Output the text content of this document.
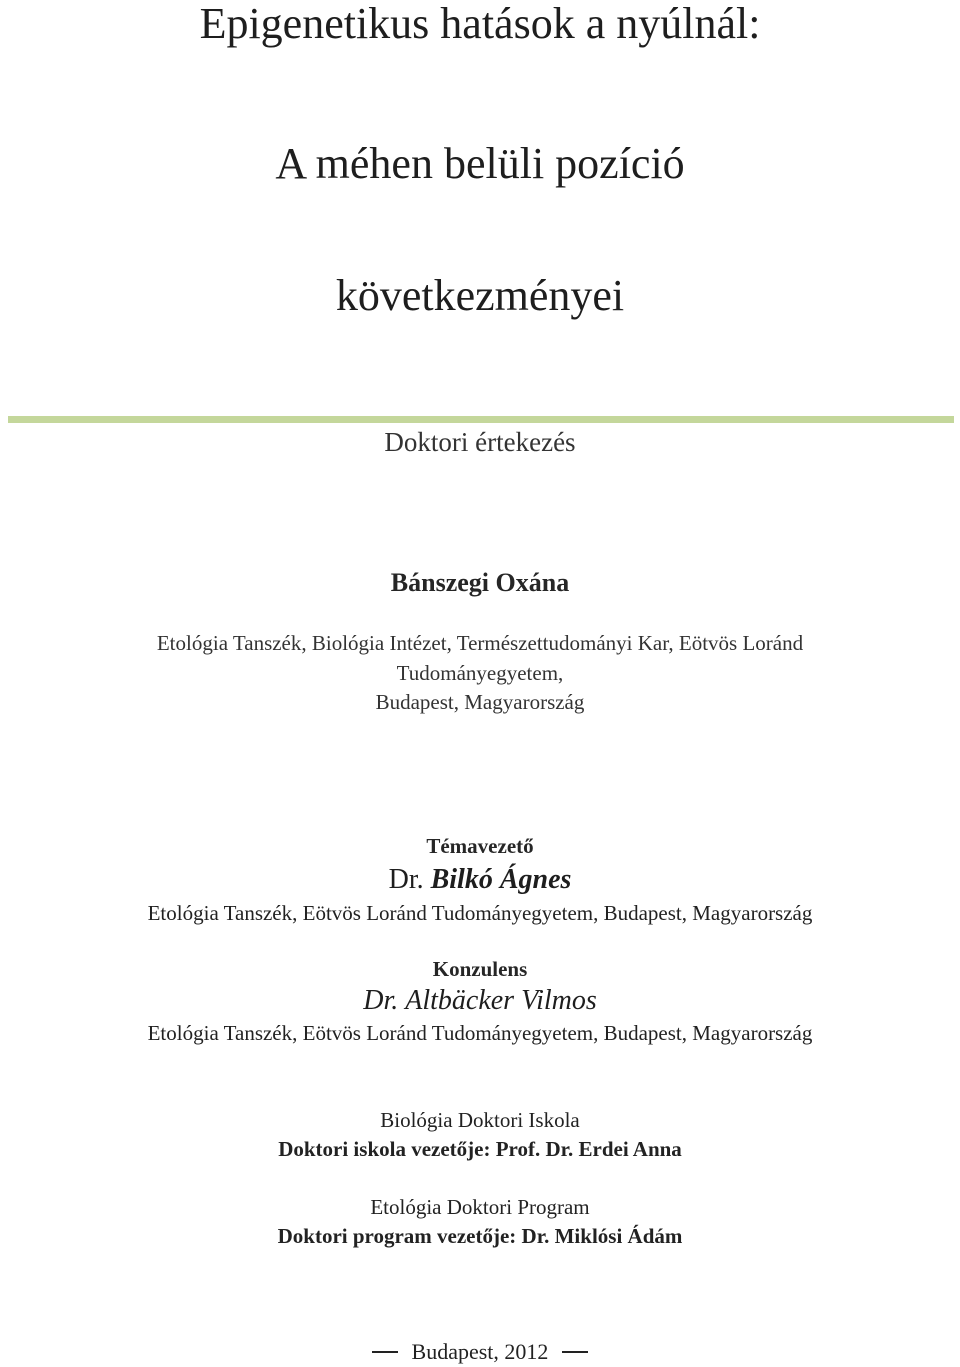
Epigenetikus hatások a nyúlnál:
A méhen belüli pozíció
következményei
Doktori értekezés
Bánszegi Oxána
Etológia Tanszék, Biológia Intézet, Természettudományi Kar, Eötvös Loránd
Tudományegyetem,
Budapest, Magyarország
Témavezető
Dr. Bilkó Ágnes
Etológia Tanszék, Eötvös Loránd Tudományegyetem, Budapest, Magyarország
Konzulens
Dr. Altbäcker Vilmos
Etológia Tanszék, Eötvös Loránd Tudományegyetem, Budapest, Magyarország
Biológia Doktori Iskola
Doktori iskola vezetője: Prof. Dr. Erdei Anna
Etológia Doktori Program
Doktori program vezetője: Dr. Miklósi Ádám
Budapest, 2012
